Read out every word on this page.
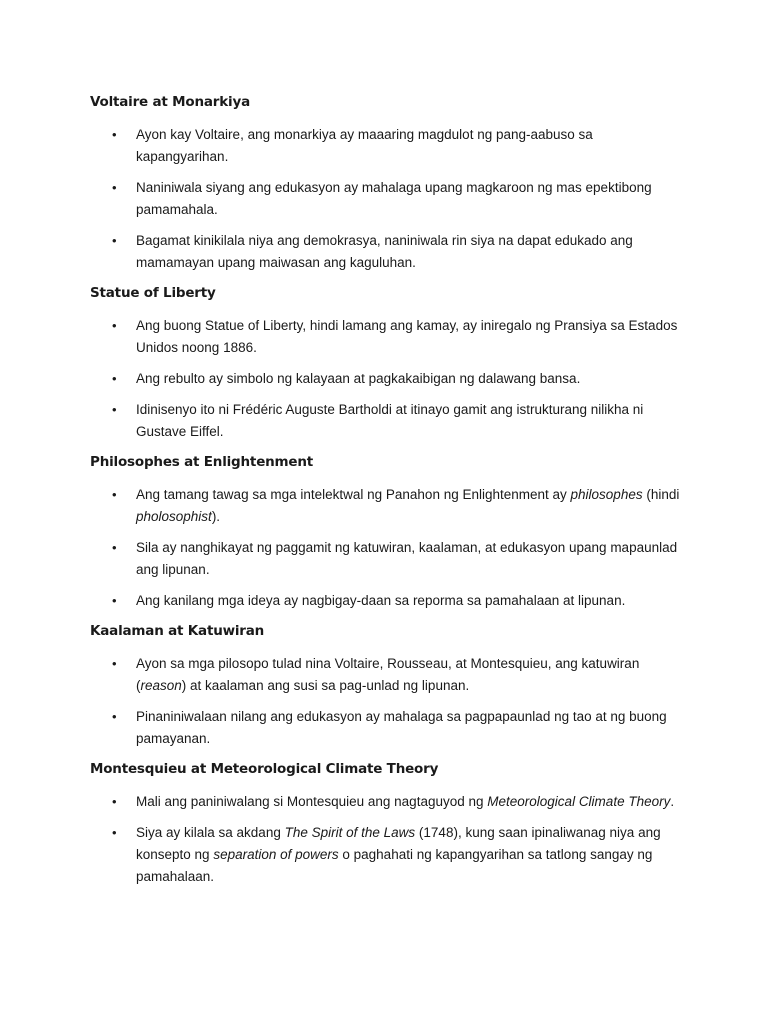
Voltaire at Monarkiya
• Ayon kay Voltaire, ang monarkiya ay maaaring magdulot ng pang-aabuso sa kapangyarihan.
• Naniniwala siyang ang edukasyon ay mahalaga upang magkaroon ng mas epektibong pamamahala.
• Bagamat kinikilala niya ang demokrasya, naniniwala rin siya na dapat edukado ang mamamayan upang maiwasan ang kaguluhan.
Statue of Liberty
• Ang buong Statue of Liberty, hindi lamang ang kamay, ay iniregalo ng Pransiya sa Estados Unidos noong 1886.
• Ang rebulto ay simbolo ng kalayaan at pagkakaibigan ng dalawang bansa.
• Idinisenyo ito ni Frédéric Auguste Bartholdi at itinayo gamit ang istrukturang nilikha ni Gustave Eiffel.
Philosophes at Enlightenment
• Ang tamang tawag sa mga intelektwal ng Panahon ng Enlightenment ay philosophes (hindi pholosophist).
• Sila ay nanghikayat ng paggamit ng katuwiran, kaalaman, at edukasyon upang mapaunlad ang lipunan.
• Ang kanilang mga ideya ay nagbigay-daan sa reporma sa pamahalaan at lipunan.
Kaalaman at Katuwiran
• Ayon sa mga pilosopo tulad nina Voltaire, Rousseau, at Montesquieu, ang katuwiran (reason) at kaalaman ang susi sa pag-unlad ng lipunan.
• Pinaniniwalaan nilang ang edukasyon ay mahalaga sa pagpapaunlad ng tao at ng buong pamayanan.
Montesquieu at Meteorological Climate Theory
• Mali ang paniniwalang si Montesquieu ang nagtaguyod ng Meteorological Climate Theory.
• Siya ay kilala sa akdang The Spirit of the Laws (1748), kung saan ipinaliwanag niya ang konsepto ng separation of powers o paghahati ng kapangyarihan sa tatlong sangay ng pamahalaan.
